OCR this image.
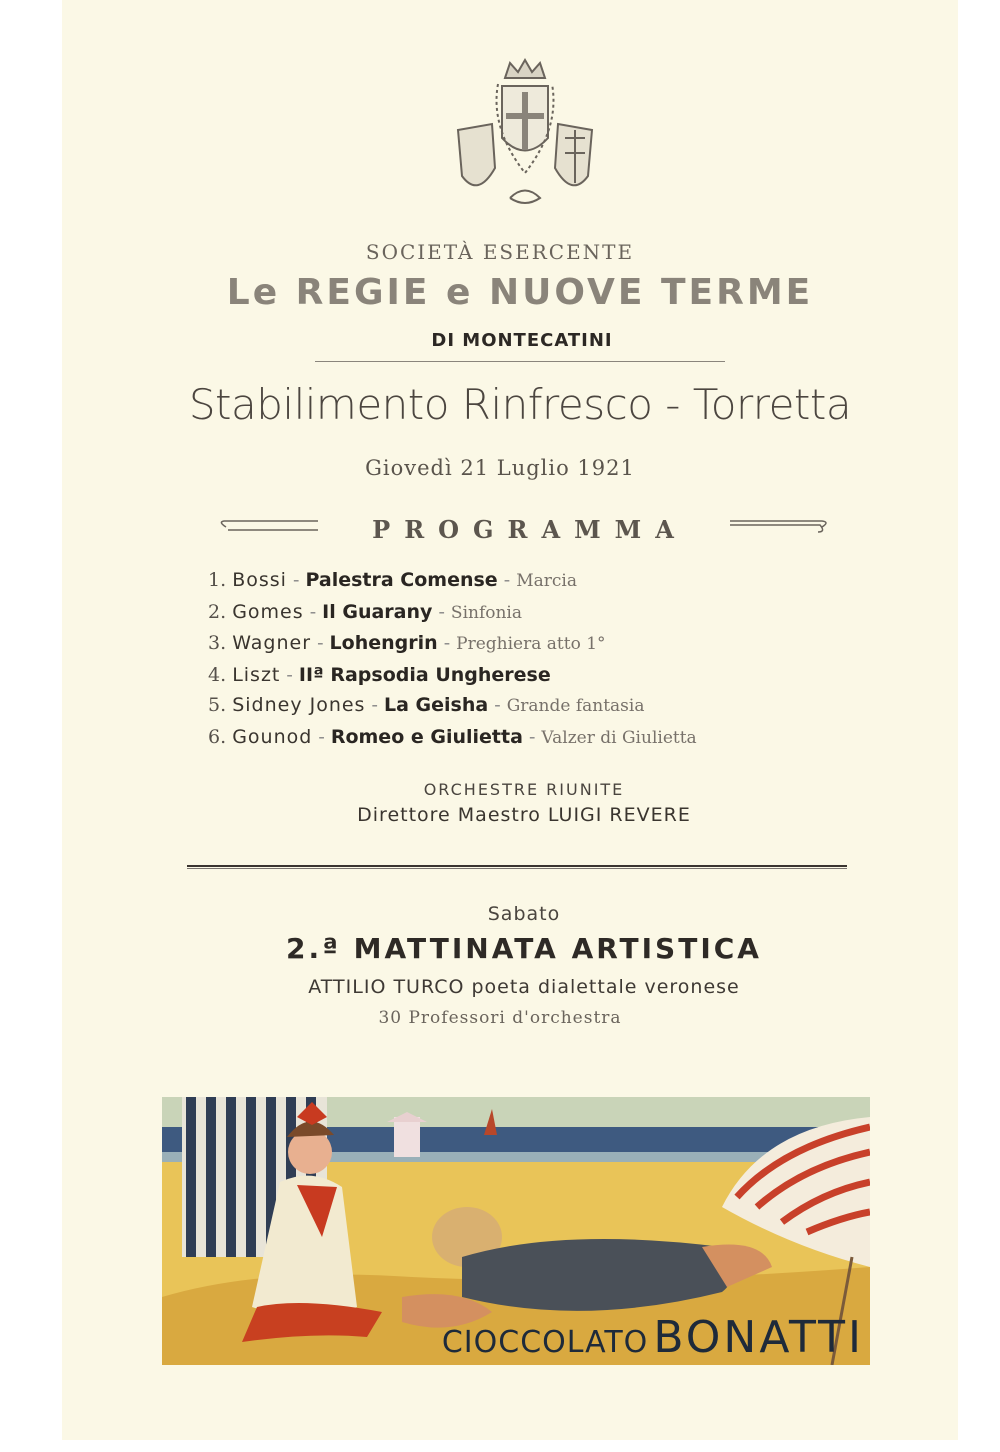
SOCIETÀ ESERCENTE
Le REGIE e NUOVE TERME
DI MONTECATINI
Stabilimento Rinfresco - Torretta
Giovedì 21 Luglio 1921
PROGRAMMA
1. Bossi - Palestra Comense - Marcia
2. Gomes - Il Guarany - Sinfonia
3. Wagner - Lohengrin - Preghiera atto 1°
4. Liszt - IIª Rapsodia Ungherese
5. Sidney Jones - La Geisha - Grande fantasia
6. Gounod - Romeo e Giulietta - Valzer di Giulietta
ORCHESTRE RIUNITE
Direttore Maestro LUIGI REVERE
Sabato
2.ª MATTINATA ARTISTICA
ATTILIO TURCO poeta dialettale veronese
30 Professori d'orchestra
CIOCCOLATO BONATTI
